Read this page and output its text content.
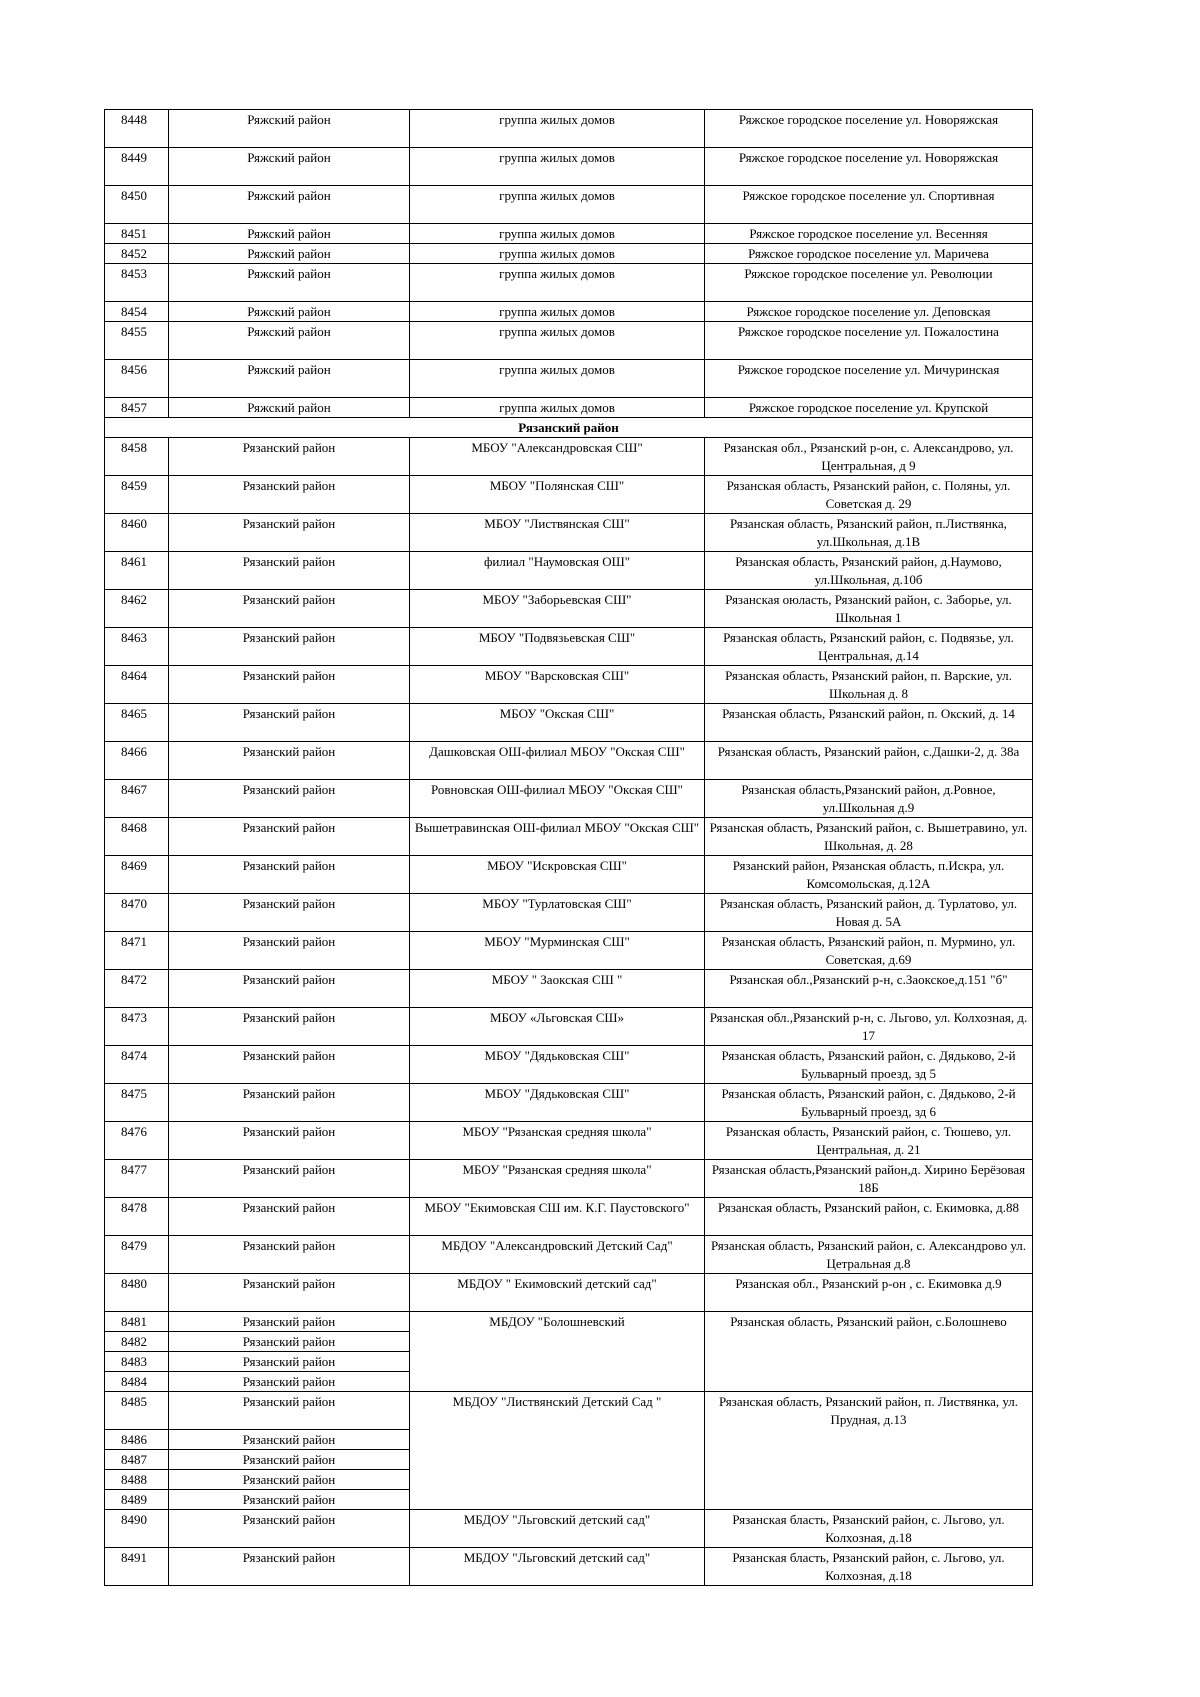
8448	Ряжский район	группа жилых домов	Ряжское городское поселение ул. Новоряжская
8449	Ряжский район	группа жилых домов	Ряжское городское поселение ул. Новоряжская
8450	Ряжский район	группа жилых домов	Ряжское городское поселение ул. Спортивная
8451	Ряжский район	группа жилых домов	Ряжское городское поселение ул. Весенняя
8452	Ряжский район	группа жилых домов	Ряжское городское поселение ул. Маричева
8453	Ряжский район	группа жилых домов	Ряжское городское поселение ул. Революции
8454	Ряжский район	группа жилых домов	Ряжское городское поселение ул. Деповская
8455	Ряжский район	группа жилых домов	Ряжское городское поселение ул. Пожалостина
8456	Ряжский район	группа жилых домов	Ряжское городское поселение ул. Мичуринская
8457	Ряжский район	группа жилых домов	Ряжское городское поселение ул. Крупской
Рязанский район			
8458	Рязанский район	МБОУ "Александровская СШ"	Рязанская обл., Рязанский р-он, с. Александрово, ул. Центральная, д 9
8459	Рязанский район	МБОУ "Полянская СШ"	Рязанская область, Рязанский район, с. Поляны, ул. Советская д. 29
8460	Рязанский район	МБОУ "Листвянская СШ"	Рязанская область, Рязанский район, п.Листвянка, ул.Школьная, д.1В
8461	Рязанский район	филиал "Наумовская ОШ"	Рязанская область, Рязанский район, д.Наумово, ул.Школьная, д.10б
8462	Рязанский район	МБОУ "Заборьевская СШ"	Рязанская оюласть, Рязанский район, с. Заборье, ул. Школьная 1
8463	Рязанский район	МБОУ "Подвязьевская СШ"	Рязанская область, Рязанский район, с. Подвязье, ул. Центральная, д.14
8464	Рязанский район	МБОУ "Варсковская СШ"	Рязанская область, Рязанский район, п. Варские, ул. Школьная д. 8
8465	Рязанский район	МБОУ "Окская СШ"	Рязанская область, Рязанский район, п. Окский, д. 14
8466	Рязанский район	Дашковская ОШ-филиал МБОУ "Окская СШ"	Рязанская область, Рязанский район, с.Дашки-2, д. 38а
8467	Рязанский район	Ровновская ОШ-филиал МБОУ "Окская СШ"	Рязанская область,Рязанский район, д.Ровное, ул.Школьная д.9
8468	Рязанский район	Вышетравинская ОШ-филиал МБОУ "Окская СШ"	Рязанская область, Рязанский район, с. Вышетравино, ул. Школьная, д. 28
8469	Рязанский район	МБОУ "Искровская СШ"	Рязанский район, Рязанская область, п.Искра, ул. Комсомольская, д.12А
8470	Рязанский район	МБОУ "Турлатовская СШ"	Рязанская область, Рязанский район, д. Турлатово, ул. Новая д. 5А
8471	Рязанский район	МБОУ "Мурминская СШ"	Рязанская область, Рязанский район, п. Мурмино, ул. Советская, д.69
8472	Рязанский район	МБОУ " Заокская СШ "	Рязанская обл.,Рязанский р-н, с.Заокское,д.151 "б"
8473	Рязанский район	МБОУ «Льговская СШ»	Рязанская обл.,Рязанский р-н, с. Льгово, ул. Колхозная, д. 17
8474	Рязанский район	МБОУ "Дядьковская СШ"	Рязанская область, Рязанский район, с. Дядьково, 2-й Бульварный проезд, зд 5
8475	Рязанский район	МБОУ "Дядьковская СШ"	Рязанская область, Рязанский район, с. Дядьково, 2-й Бульварный проезд, зд 6
8476	Рязанский район	МБОУ "Рязанская средняя школа"	Рязанская область, Рязанский район, с. Тюшево, ул. Центральная, д. 21
8477	Рязанский район	МБОУ "Рязанская средняя школа"	Рязанская область,Рязанский район,д. Хирино Берёзовая 18Б
8478	Рязанский район	МБОУ "Екимовская СШ им. К.Г. Паустовского"	Рязанская область, Рязанский район, с. Екимовка, д.88
8479	Рязанский район	МБДОУ "Александровский Детский Сад"	Рязанская область, Рязанский район, с. Александрово ул. Цетральная д.8
8480	Рязанский район	МБДОУ " Екимовский детский сад"	Рязанская обл., Рязанский р-он , с. Екимовка д.9
8481	Рязанский район	МБДОУ "Болошневский	Рязанская область, Рязанский район, с.Болошнево
8482	Рязанский район		
8483	Рязанский район		
8484	Рязанский район		
8485	Рязанский район	МБДОУ "Листвянский Детский Сад "	Рязанская область, Рязанский район, п. Листвянка, ул. Прудная, д.13
8486	Рязанский район		
8487	Рязанский район		
8488	Рязанский район		
8489	Рязанский район		
8490	Рязанский район	МБДОУ "Льговский детский сад"	Рязанская бласть, Рязанский район, с. Льгово, ул. Колхозная, д.18
8491	Рязанский район	МБДОУ "Льговский детский сад"	Рязанская бласть, Рязанский район, с. Льгово, ул. Колхозная, д.18
